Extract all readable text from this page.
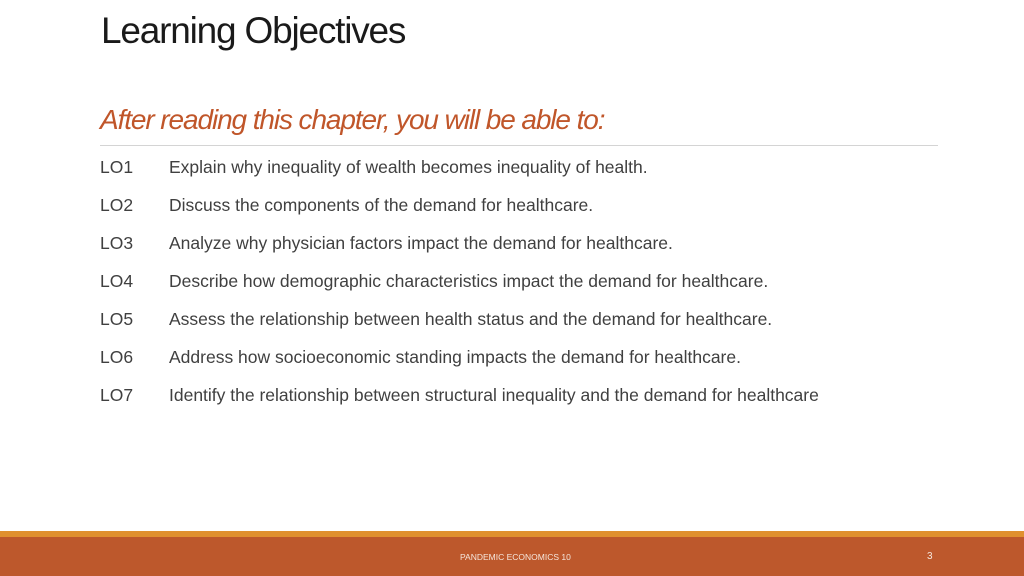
Learning Objectives
After reading this chapter, you will be able to:
LO1	Explain why inequality of wealth becomes inequality of health.
LO2	Discuss the components of the demand for healthcare.
LO3	Analyze why physician factors impact the demand for healthcare.
LO4	Describe how demographic characteristics impact the demand for healthcare.
LO5	Assess the relationship between health status and the demand for healthcare.
LO6	Address how socioeconomic standing impacts the demand for healthcare.
LO7	Identify the relationship between structural inequality and the demand for healthcare
PANDEMIC ECONOMICS 10	3
